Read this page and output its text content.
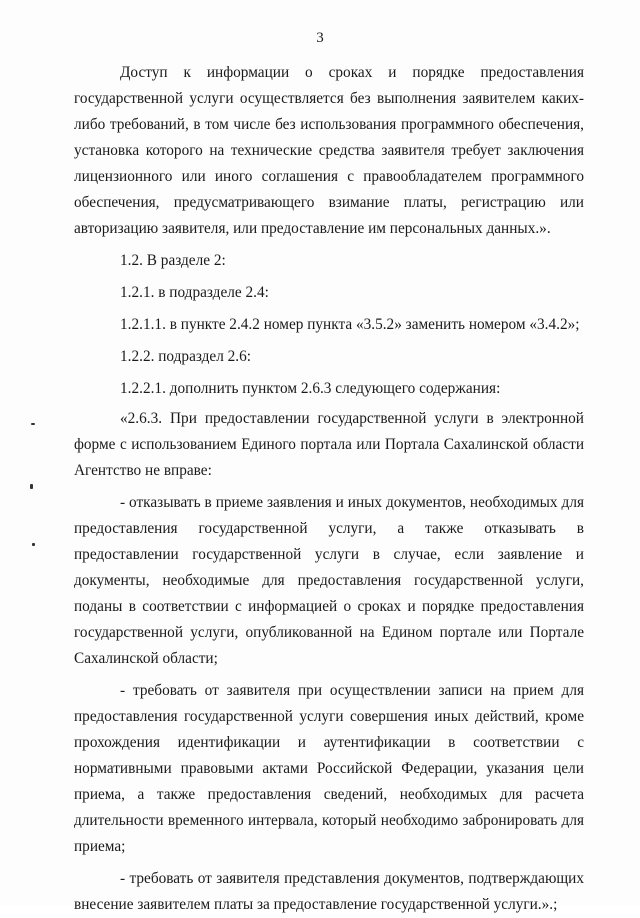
3

Доступ к информации о сроках и порядке предоставления государственной услуги осуществляется без выполнения заявителем каких-либо требований, в том числе без использования программного обеспечения, установка которого на технические средства заявителя требует заключения лицензионного или иного соглашения с правообладателем программного обеспечения, предусматривающего взимание платы, регистрацию или авторизацию заявителя, или предоставление им персональных данных.».

1.2. В разделе 2:

1.2.1. в подразделе 2.4:

1.2.1.1. в пункте 2.4.2 номер пункта «3.5.2» заменить номером «3.4.2»;

1.2.2. подраздел 2.6:

1.2.2.1. дополнить пунктом 2.6.3 следующего содержания:

«2.6.3. При предоставлении государственной услуги в электронной форме с использованием Единого портала или Портала Сахалинской области Агентство не вправе:

- отказывать в приеме заявления и иных документов, необходимых для предоставления государственной услуги, а также отказывать в предоставлении государственной услуги в случае, если заявление и документы, необходимые для предоставления государственной услуги, поданы в соответствии с информацией о сроках и порядке предоставления государственной услуги, опубликованной на Едином портале или Портале Сахалинской области;

- требовать от заявителя при осуществлении записи на прием для предоставления государственной услуги совершения иных действий, кроме прохождения идентификации и аутентификации в соответствии с нормативными правовыми актами Российской Федерации, указания цели приема, а также предоставления сведений, необходимых для расчета длительности временного интервала, который необходимо забронировать для приема;

- требовать от заявителя представления документов, подтверждающих внесение заявителем платы за предоставление государственной услуги.».;
